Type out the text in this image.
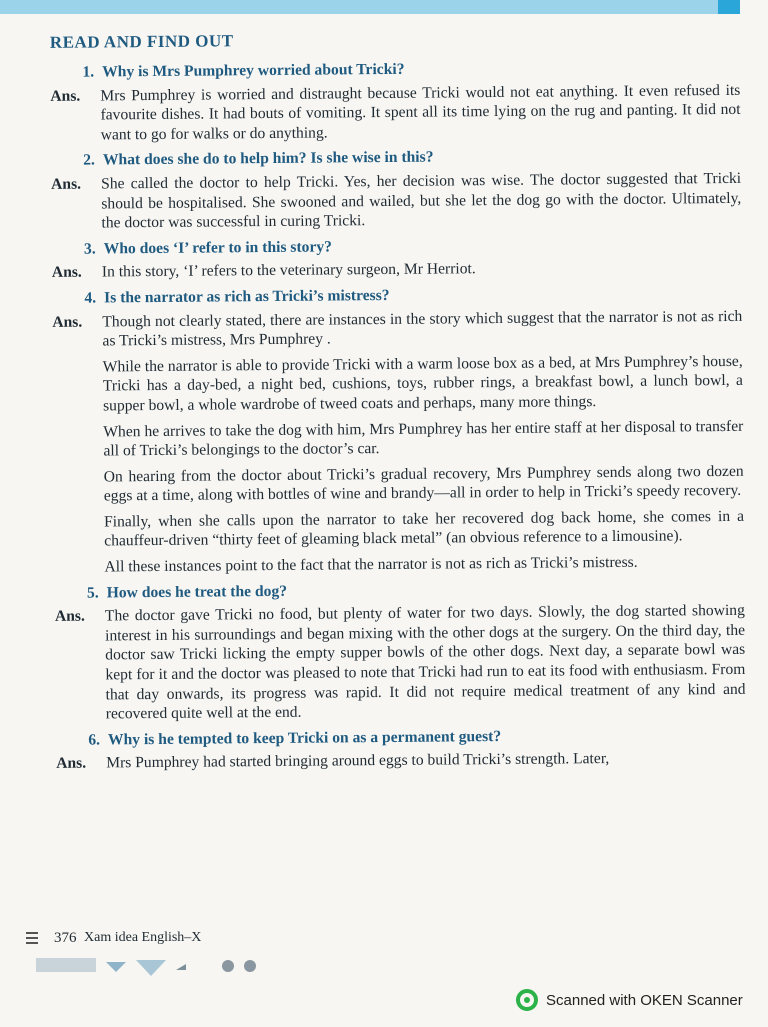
READ AND FIND OUT
1. Why is Mrs Pumphrey worried about Tricki?
Ans.	Mrs Pumphrey is worried and distraught because Tricki would not eat anything. It even refused its favourite dishes. It had bouts of vomiting. It spent all its time lying on the rug and panting. It did not want to go for walks or do anything.

2. What does she do to help him? Is she wise in this?
Ans.	She called the doctor to help Tricki. Yes, her decision was wise. The doctor suggested that Tricki should be hospitalised. She swooned and wailed, but she let the dog go with the doctor. Ultimately, the doctor was successful in curing Tricki.

3. Who does ‘I’ refer to in this story?
Ans.	In this story, ‘I’ refers to the veterinary surgeon, Mr Herriot.

4. Is the narrator as rich as Tricki’s mistress?
Ans.	Though not clearly stated, there are instances in the story which suggest that the narrator is not as rich as Tricki’s mistress, Mrs Pumphrey .

While the narrator is able to provide Tricki with a warm loose box as a bed, at Mrs Pumphrey’s house, Tricki has a day-bed, a night bed, cushions, toys, rubber rings, a breakfast bowl, a lunch bowl, a supper bowl, a whole wardrobe of tweed coats and perhaps, many more things.

When he arrives to take the dog with him, Mrs Pumphrey has her entire staff at her disposal to transfer all of Tricki’s belongings to the doctor’s car.

On hearing from the doctor about Tricki’s gradual recovery, Mrs Pumphrey sends along two dozen eggs at a time, along with bottles of wine and brandy—all in order to help in Tricki’s speedy recovery.

Finally, when she calls upon the narrator to take her recovered dog back home, she comes in a chauffeur-driven “thirty feet of gleaming black metal” (an obvious reference to a limousine).

All these instances point to the fact that the narrator is not as rich as Tricki’s mistress.

5. How does he treat the dog?
Ans.	The doctor gave Tricki no food, but plenty of water for two days. Slowly, the dog started showing interest in his surroundings and began mixing with the other dogs at the surgery. On the third day, the doctor saw Tricki licking the empty supper bowls of the other dogs. Next day, a separate bowl was kept for it and the doctor was pleased to note that Tricki had run to eat its food with enthusiasm. From that day onwards, its progress was rapid. It did not require medical treatment of any kind and recovered quite well at the end.

6. Why is he tempted to keep Tricki on as a permanent guest?
Ans.	Mrs Pumphrey had started bringing around eggs to build Tricki’s strength. Later,

376 Xam idea English–X
Scanned with OKEN Scanner
